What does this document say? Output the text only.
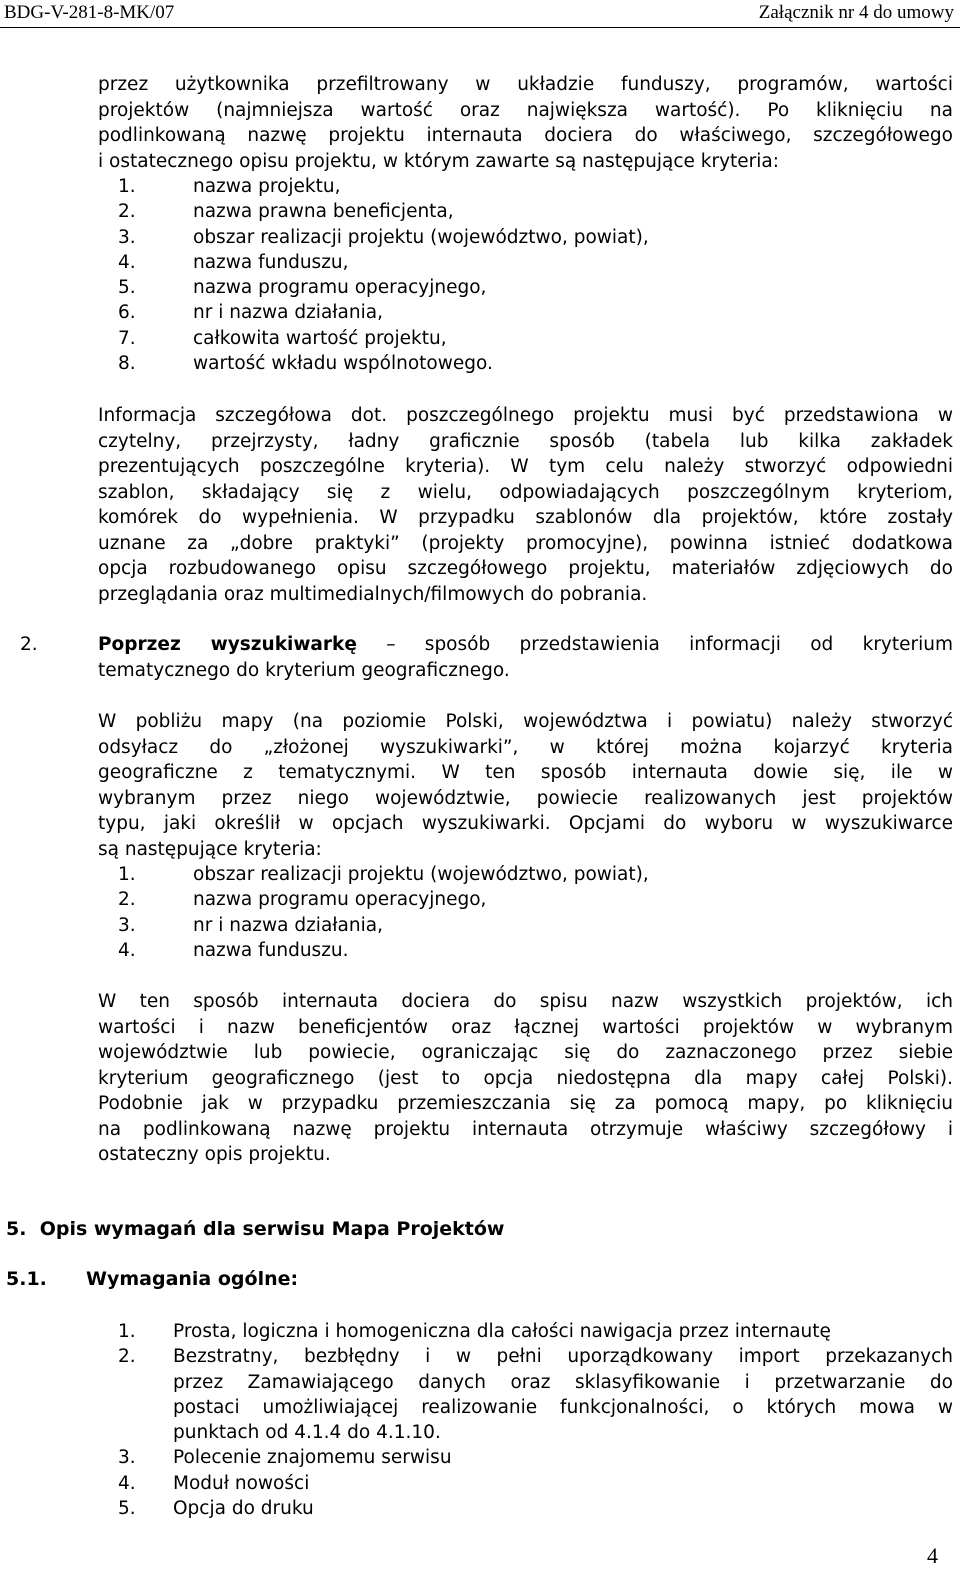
BDG-V-281-8-MK/07	Załącznik nr 4 do umowy
przez użytkownika przefiltrowany w układzie funduszy, programów, wartości
projektów (najmniejsza wartość oraz największa wartość). Po kliknięciu na
podlinkowaną nazwę projektu internauta dociera do właściwego, szczegółowego
i ostatecznego opisu projektu, w którym zawarte są następujące kryteria:
1.	nazwa projektu,
2.	nazwa prawna beneficjenta,
3.	obszar realizacji projektu (województwo, powiat),
4.	nazwa funduszu,
5.	nazwa programu operacyjnego,
6.	nr i nazwa działania,
7.	całkowita wartość projektu,
8.	wartość wkładu wspólnotowego.
Informacja szczegółowa dot. poszczególnego projektu musi być przedstawiona w
czytelny, przejrzysty, ładny graficznie sposób (tabela lub kilka zakładek
prezentujących poszczególne kryteria). W tym celu należy stworzyć odpowiedni
szablon, składający się z wielu, odpowiadających poszczególnym kryteriom,
komórek do wypełnienia. W przypadku szablonów dla projektów, które zostały
uznane za „dobre praktyki” (projekty promocyjne), powinna istnieć dodatkowa
opcja rozbudowanego opisu szczegółowego projektu, materiałów zdjęciowych do
przeglądania oraz multimedialnych/filmowych do pobrania.
2.	Poprzez wyszukiwarkę – sposób przedstawienia informacji od kryterium
tematycznego do kryterium geograficznego.
W pobliżu mapy (na poziomie Polski, województwa i powiatu) należy stworzyć
odsyłacz do „złożonej wyszukiwarki”, w której można kojarzyć kryteria
geograficzne z tematycznymi. W ten sposób internauta dowie się, ile w
wybranym przez niego województwie, powiecie realizowanych jest projektów
typu, jaki określił w opcjach wyszukiwarki. Opcjami do wyboru w wyszukiwarce
są następujące kryteria:
1.	obszar realizacji projektu (województwo, powiat),
2.	nazwa programu operacyjnego,
3.	nr i nazwa działania,
4.	nazwa funduszu.
W ten sposób internauta dociera do spisu nazw wszystkich projektów, ich
wartości i nazw beneficjentów oraz łącznej wartości projektów w wybranym
województwie lub powiecie, ograniczając się do zaznaczonego przez siebie
kryterium geograficznego (jest to opcja niedostępna dla mapy całej Polski).
Podobnie jak w przypadku przemieszczania się za pomocą mapy, po kliknięciu
na podlinkowaną nazwę projektu internauta otrzymuje właściwy szczegółowy i
ostateczny opis projektu.
5. Opis wymagań dla serwisu Mapa Projektów
5.1. Wymagania ogólne:
1. Prosta, logiczna i homogeniczna dla całości nawigacja przez internautę
2. Bezstratny, bezbłędny i w pełni uporządkowany import przekazanych
przez Zamawiającego danych oraz sklasyfikowanie i przetwarzanie do
postaci umożliwiającej realizowanie funkcjonalności, o których mowa w
punktach od 4.1.4 do 4.1.10.
3. Polecenie znajomemu serwisu
4. Moduł nowości
5. Opcja do druku
4
